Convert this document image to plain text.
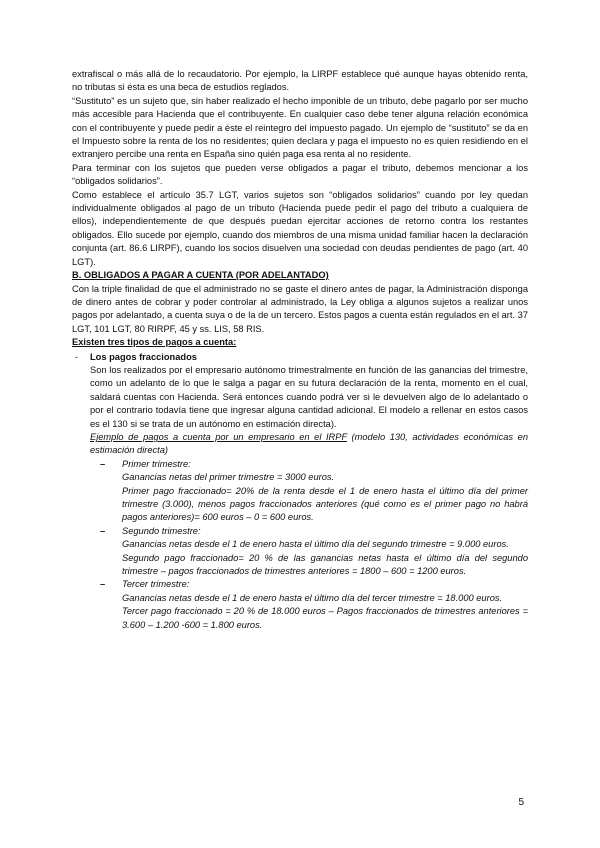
extrafiscal o más allá de lo recaudatorio. Por ejemplo, la LIRPF establece qué aunque hayas obtenido renta, no tributas si ésta es una beca de estudios reglados.

“Sustituto” es un sujeto que, sin haber realizado el hecho imponible de un tributo, debe pagarlo por ser mucho más accesible para Hacienda que el contribuyente. En cualquier caso debe tener alguna relación económica con el contribuyente y puede pedir a éste el reintegro del impuesto pagado. Un ejemplo de “sustituto” se da en el Impuesto sobre la renta de los no residentes; quien declara y paga el impuesto no es quien residiendo en el extranjero percibe una renta en España sino quién paga esa renta al no residente.

Para terminar con los sujetos que pueden verse obligados a pagar el tributo, debemos mencionar a los “obligados solidarios”.

Como establece el artículo 35.7 LGT, varios sujetos son “obligados solidarios” cuando por ley quedan individualmente obligados al pago de un tributo (Hacienda puede pedir el pago del tributo a cualquiera de ellos), independientemente de que después puedan ejercitar acciones de retorno contra los restantes obligados. Ello sucede por ejemplo, cuando dos miembros de una misma unidad familiar hacen la declaración conjunta (art. 86.6 LIRPF), cuando los socios disuelven una sociedad con deudas pendientes de pago (art. 40 LGT).

B. OBLIGADOS A PAGAR A CUENTA (POR ADELANTADO)

Con la triple finalidad de que el administrado no se gaste el dinero antes de pagar, la Administración disponga de dinero antes de cobrar y poder controlar al administrado, la Ley obliga a algunos sujetos a realizar unos pagos por adelantado, a cuenta suya o de la de un tercero. Estos pagos a cuenta están regulados en el art. 37 LGT, 101 LGT, 80 RIRPF, 45 y ss. LIS, 58 RIS.

Existen tres tipos de pagos a cuenta:

- Los pagos fraccionados

Son los realizados por el empresario autónomo trimestralmente en función de las ganancias del trimestre, como un adelanto de lo que le salga a pagar en su futura declaración de la renta, momento en el cual, saldará cuentas con Hacienda. Será entonces cuando podrá ver si le devuelven algo de lo adelantado o por el contrario todavía tiene que ingresar alguna cantidad adicional. El modelo a rellenar en estos casos es el 130 si se trata de un autónomo en estimación directa).

Ejemplo de pagos a cuenta por un empresario en el IRPF (modelo 130, actividades económicas en estimación directa)

– Primer trimestre:

Ganancias netas del primer trimestre = 3000 euros.

Primer pago fraccionado= 20% de la renta desde el 1 de enero hasta el último día del primer trimestre (3.000), menos pagos fraccionados anteriores (qué como es el primer pago no habrá pagos anteriores)= 600 euros – 0 = 600 euros.

– Segundo trimestre:

Ganancias netas desde el 1 de enero hasta el último día del segundo trimestre = 9.000 euros.

Segundo pago fraccionado= 20 % de las ganancias netas hasta el último día del segundo trimestre – pagos fraccionados de trimestres anteriores = 1800 – 600 = 1200 euros.

– Tercer trimestre:

Ganancias netas desde el 1 de enero hasta el último día del tercer trimestre = 18.000 euros.

Tercer pago fraccionado = 20 % de 18.000 euros – Pagos fraccionados de trimestres anteriores = 3.600 – 1.200 -600 = 1.800 euros.

5
